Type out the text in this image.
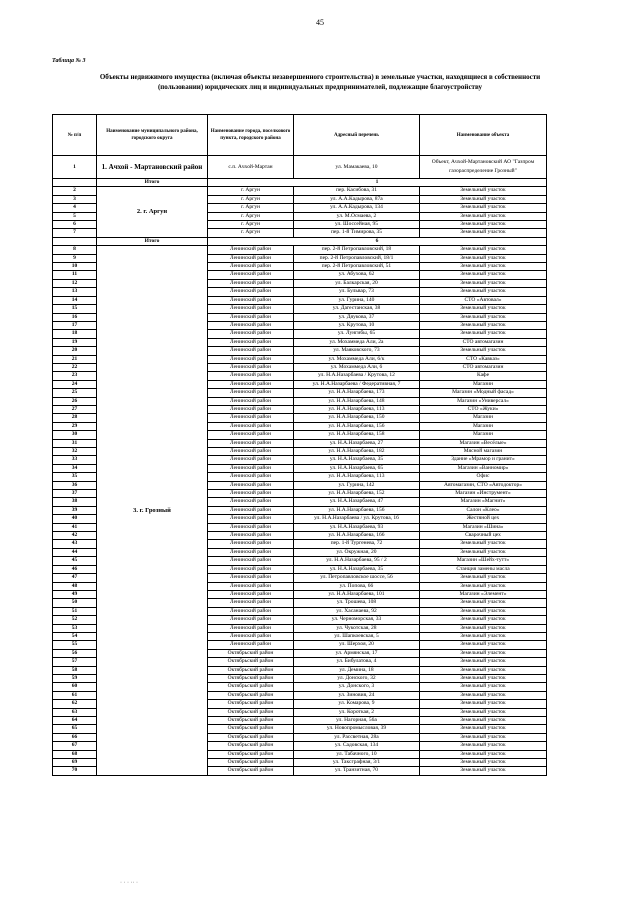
45
Таблица № 3
Объекты недвижимого имущества (включая объекты незавершенного строительства) в земельные участки, находящиеся в собственности (пользовании) юридических лиц и индивидуальных предпринимателей, подлежащие благоустройству
№ п/п	Наименование муниципального района, городского округа	Наименование города, поселкового пункта, городского района	Адресный перечень	Наименование объекта
1	1. Ачхой - Мартановский район	с.п. Ачхой-Мартан	ул. Мамакаева, 10	Объект, Ачхой-Мартановский АО "Газпром газораспределение Грозный"
	Итого	1		
2	2. г. Аргун	г. Аргун	пер. Касибова, 31	Земельный участок
3		г. Аргун	ул. А.А.Кадырова, 87а	Земельный участок
4		г. Аргун	ул. А.А.Кадырова, 134	Земельный участок
5		г. Аргун	ул. М.Осмаева, 2	Земельный участок
6		г. Аргун	ул. Шоссейная, 95	Земельный участок
7		г. Аргун	пер. 1-й Тимирова, 35	Земельный участок
	Итого	6		
8	3. г. Грозный	Ленинский район	пер. 2-й Петропавловский, 18	Земельный участок
9		Ленинский район	пер. 2-й Петропавловский, 18/1	Земельный участок
10		Ленинский район	пер. 2-й Петропавловский, 51	Земельный участок
11		Ленинский район	ул. Абухова, 62	Земельный участок
12		Ленинский район	ул. Балкарская, 20	Земельный участок
13		Ленинский район	ул. Бульвар, 73	Земельный участок
14		Ленинский район	ул. Гурина, 140	СТО «Автовал»
15		Ленинский район	ул. Дагестанская, 38	Земельный участок
16		Ленинский район	ул. Дяукова, 37	Земельный участок
17		Ленинский район	ул. Крутова, 10	Земельный участок
18		Ленинский район	ул. Лунгибы, 65	Земельный участок
19		Ленинский район	ул. Мохаммеда Али, 2а	СТО автомагазин
20		Ленинский район	ул. Маяковского, 73	Земельный участок
21		Ленинский район	ул. Мохаммеда Али, 6/к	СТО «Кавказ»
22		Ленинский район	ул. Мохаммеда Али, 6	СТО автомагазин
23		Ленинский район	ул. Н.А.Назарбаева / Крутова, 12	Кафе
24		Ленинский район	ул. Н.А.Назарбаева / Федеративная, 7	Магазин
25		Ленинский район	ул. Н.А.Назарбаева, 173	Магазин «Модный фасад»
26		Ленинский район	ул. Н.А.Назарбаева, 148	Магазин «Универсал»
27		Ленинский район	ул. Н.А.Назарбаева, 113	СТО «Жуки»
28		Ленинский район	ул. Н.А.Назарбаева, 150	Магазин
29		Ленинский район	ул. Н.А.Назарбаева, 156	Магазин
30		Ленинский район	ул. Н.А.Назарбаева, 158	Магазин
31		Ленинский район	ул. Н.А.Назарбаева, 27	Магазин «Весёлые»
32		Ленинский район	ул. Н.А.Назарбаева, 182	Мясной магазин
33		Ленинский район	ул. Н.А.Назарбаева, 35	Здание «Мрамор и гранит»
34		Ленинский район	ул. Н.А.Назарбаева, 65	Магазин «Ванномир»
35		Ленинский район	ул. Н.А.Назарбаева, 113	Офис
36		Ленинский район	ул. Гурина, 142	Автомагазин, СТО «Автодоктор»
37		Ленинский район	ул. Н.А.Назарбаева, 152	Магазин «Инструмент»
38		Ленинский район	ул. Н.А.Назарбаева, 47	Магазин «Магнит»
39		Ленинский район	ул. Н.А.Назарбаева, 156	Салон «Клео»
40		Ленинский район	ул. Н.А.Назарбаева / ул. Крутова, 16	Жестяной цех
41		Ленинский район	ул. Н.А.Назарбаева, 93	Магазин «Шина»
42		Ленинский район	ул. Н.А.Назарбаева, 166	Сварочный цех
43		Ленинский район	пер. 1-й Тургенева, 72	Земельный участок
44		Ленинский район	ул. Окружная, 20	Земельный участок
45		Ленинский район	ул. Н.А.Назарбаева, 95 / 2	Магазин «Шейх-тутт»
46		Ленинский район	ул. Н.А.Назарбаева, 35	Станция замены масла
47		Ленинский район	ул. Петропавловское шоссе, 56	Земельный участок
48		Ленинский район	ул. Попова, 66	Земельный участок
49		Ленинский район	ул. Н.А.Назарбаева, 101	Магазин «Элемент»
50		Ленинский район	ул. Трошева, 108	Земельный участок
51		Ленинский район	ул. Хасанаева, 92	Земельный участок
52		Ленинский район	ул. Черноморская, 33	Земельный участок
53		Ленинский район	ул. Чукотская, 28	Земельный участок
54		Ленинский район	ул. Шапкоевская, 5	Земельный участок
55		Ленинский район	ул. Шерхоя, 20	Земельный участок
56		Октябрьский район	ул. Армянская, 17	Земельный участок
57		Октябрьский район	ул. Бибулатова, 4	Земельный участок
58		Октябрьский район	ул. Демина, 18	Земельный участок
59		Октябрьский район	ул. Донского, 32	Земельный участок
60		Октябрьский район	ул. Донского, 3	Земельный участок
61		Октябрьский район	ул. Зиновия, 24	Земельный участок
62		Октябрьский район	ул. Комарова, 9	Земельный участок
63		Октябрьский район	ул. Короткая, 2	Земельный участок
64		Октябрьский район	ул. Нагорная, 56а	Земельный участок
65		Октябрьский район	ул. Новопромысловая, 39	Земельный участок
66		Октябрьский район	ул. Рассветная, 28а	Земельный участок
67		Октябрьский район	ул. Садовская, 134	Земельный участок
68		Октябрьский район	ул. Табачного, 10	Земельный участок
69		Октябрьский район	ул. Таксграфная, 3/1	Земельный участок
70		Октябрьский район	ул. Транзитная, 70	Земельный участок
· · · ·· ·
